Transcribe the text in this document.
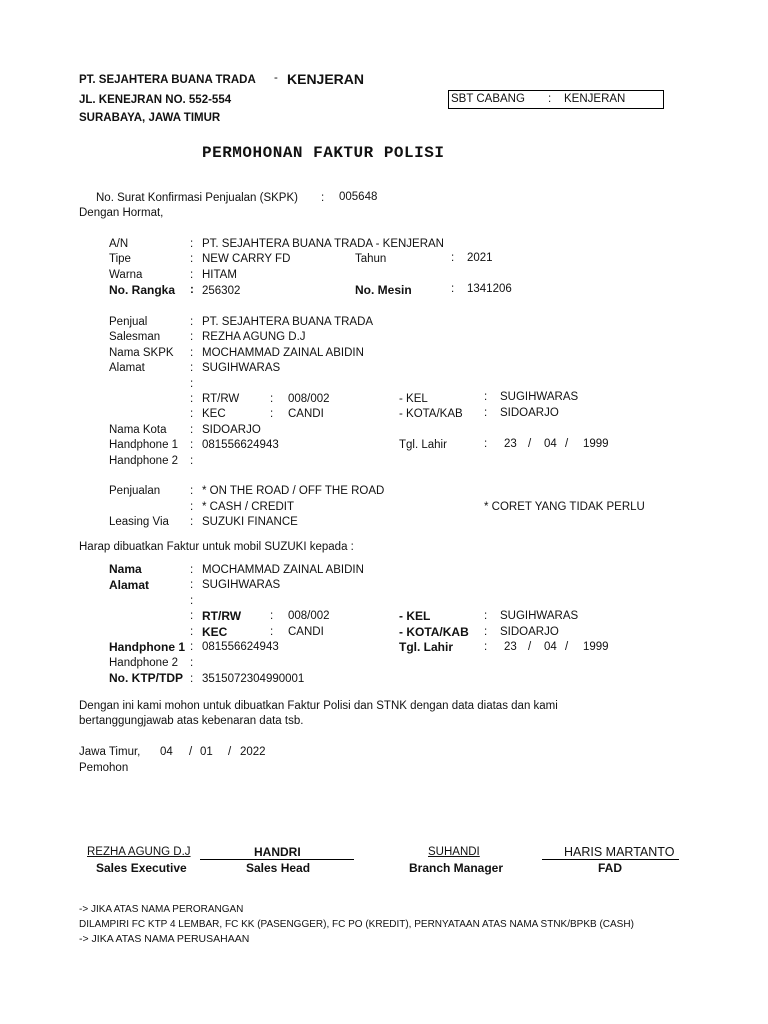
PT. SEJAHTERA BUANA TRADA - KENJERAN
JL. KENEJRAN NO. 552-554
SURABAYA, JAWA TIMUR
SBT CABANG : KENJERAN
PERMOHONAN FAKTUR POLISI
No. Surat Konfirmasi Penjualan (SKPK) : 005648
Dengan Hormat,
A/N	: PT. SEJAHTERA BUANA TRADA - KENJERAN
Tipe	: NEW CARRY FD	Tahun	: 2021
Warna	: HITAM
No. Rangka : 256302	No. Mesin	: 1341206
Penjual	: PT. SEJAHTERA BUANA TRADA
Salesman	: REZHA AGUNG D.J
Nama SKPK : MOCHAMMAD ZAINAL ABIDIN
Alamat	: SUGIHWARAS
:
: RT/RW	: 008/002	- KEL	: SUGIHWARAS
: KEC	: CANDI	- KOTA/KAB : SIDOARJO
Nama Kota : SIDOARJO
Handphone 1 : 081556624943	Tgl. Lahir	: 23 / 04 / 1999
Handphone 2 :
Penjualan	: * ON THE ROAD / OFF THE ROAD
: * CASH / CREDIT	* CORET YANG TIDAK PERLU
Leasing Via : SUZUKI FINANCE
Harap dibuatkan Faktur untuk mobil SUZUKI kepada :
Nama	: MOCHAMMAD ZAINAL ABIDIN
Alamat	: SUGIHWARAS
:
: RT/RW	: 008/002	- KEL	: SUGIHWARAS
: KEC	: CANDI	- KOTA/KAB : SIDOARJO
Handphone 1 : 081556624943	Tgl. Lahir	: 23 / 04 / 1999
Handphone 2 :
No. KTP/TDP : 3515072304990001
Dengan ini kami mohon untuk dibuatkan Faktur Polisi dan STNK dengan data diatas dan kami
bertanggungjawab atas kebenaran data tsb.
Jawa Timur, 04 / 01 / 2022
Pemohon
REZHA AGUNG D.J
Sales Executive
HANDRI
Sales Head
SUHANDI
Branch Manager
HARIS MARTANTO
FAD
-> JIKA ATAS NAMA PERORANGAN
DILAMPIRI FC KTP 4 LEMBAR, FC KK (PASENGGER), FC PO (KREDIT), PERNYATAAN ATAS NAMA STNK/BPKB (CASH)
-> JIKA ATAS NAMA PERUSAHAAN
